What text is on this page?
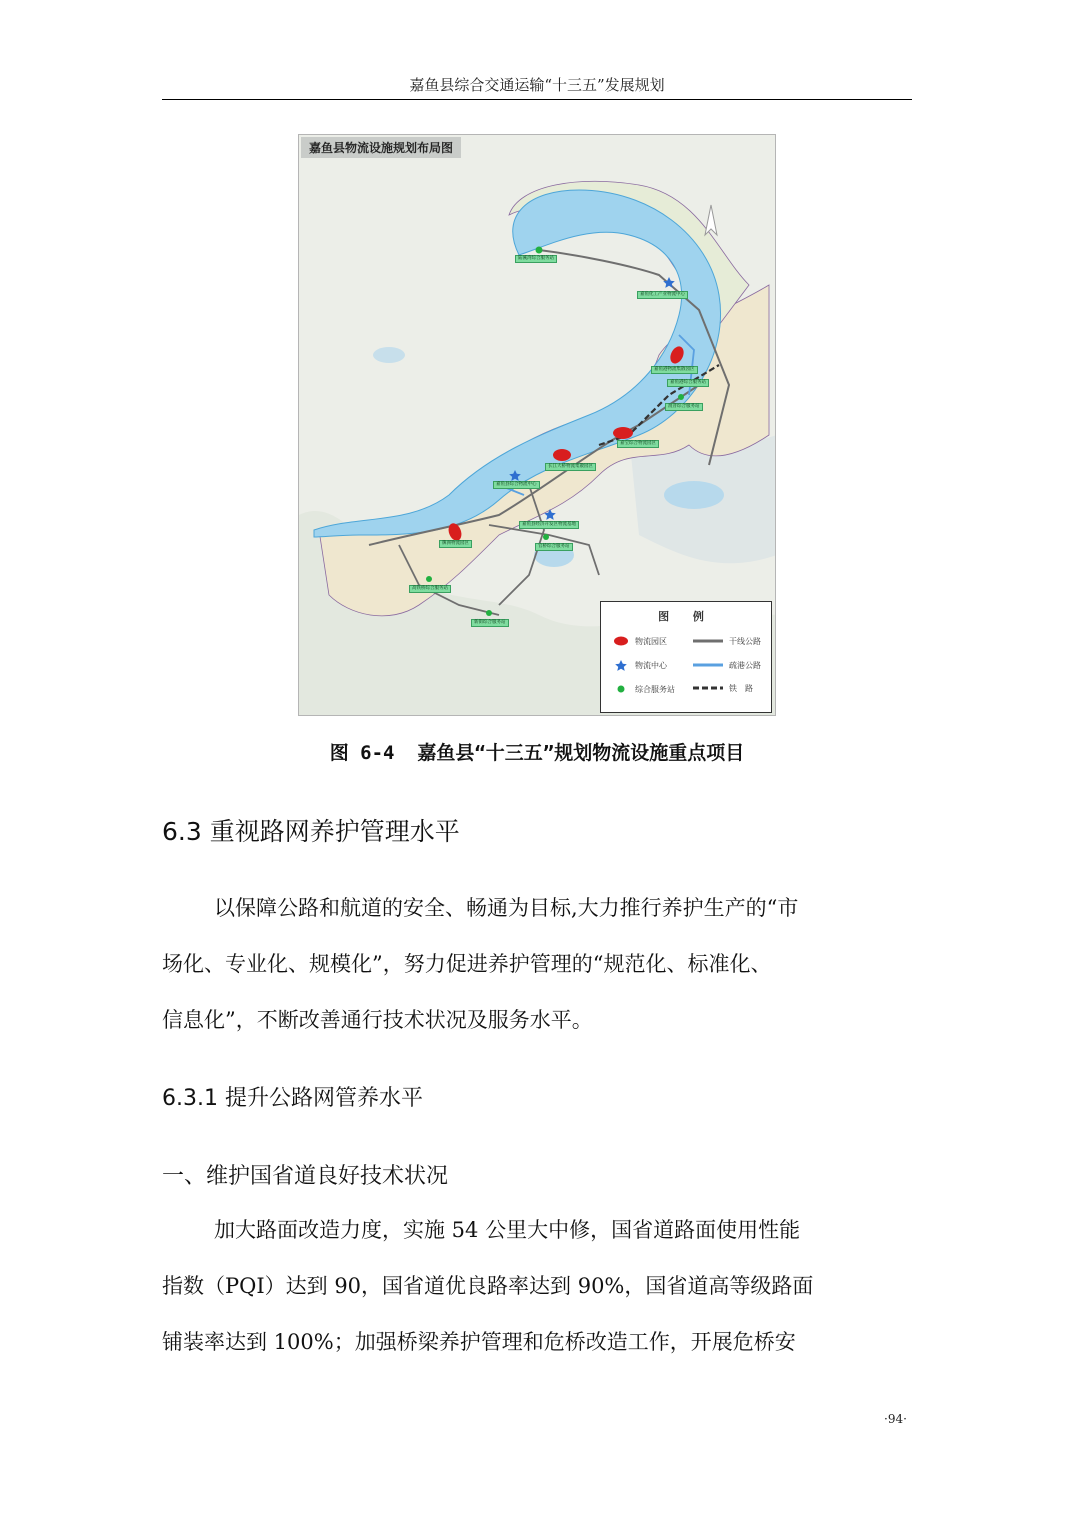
嘉鱼县综合交通运输“十三五”发展规划
嘉鱼县物流设施规划布局图
陆溪湾综合服务站
嘉鱼化工产业物流中心
嘉鱼港物流集散园区
嘉鱼港综合服务站
渡普综合服务站
嘉宝综合物流园区
长江大桥物流集散园区
嘉鱼县综合物流中心
嘉鱼县经济开发区物流基地
官桥综合服务站
簰洲物流园区
高铁桥综合服务站
新街综合服务站	图 例
物流园区
物流中心
综合服务站
干线公路
疏港公路
铁　路
图 6-4  嘉鱼县“十三五”规划物流设施重点项目
6.3 重视路网养护管理水平
以保障公路和航道的安全、畅通为目标,大力推行养护生产的“市
场化、专业化、规模化”，努力促进养护管理的“规范化、标准化、
信息化”，不断改善通行技术状况及服务水平。
6.3.1 提升公路网管养水平
一、维护国省道良好技术状况
加大路面改造力度，实施 54 公里大中修，国省道路面使用性能
指数（PQI）达到 90，国省道优良路率达到 90%，国省道高等级路面
铺装率达到 100%；加强桥梁养护管理和危桥改造工作，开展危桥安
·94·
